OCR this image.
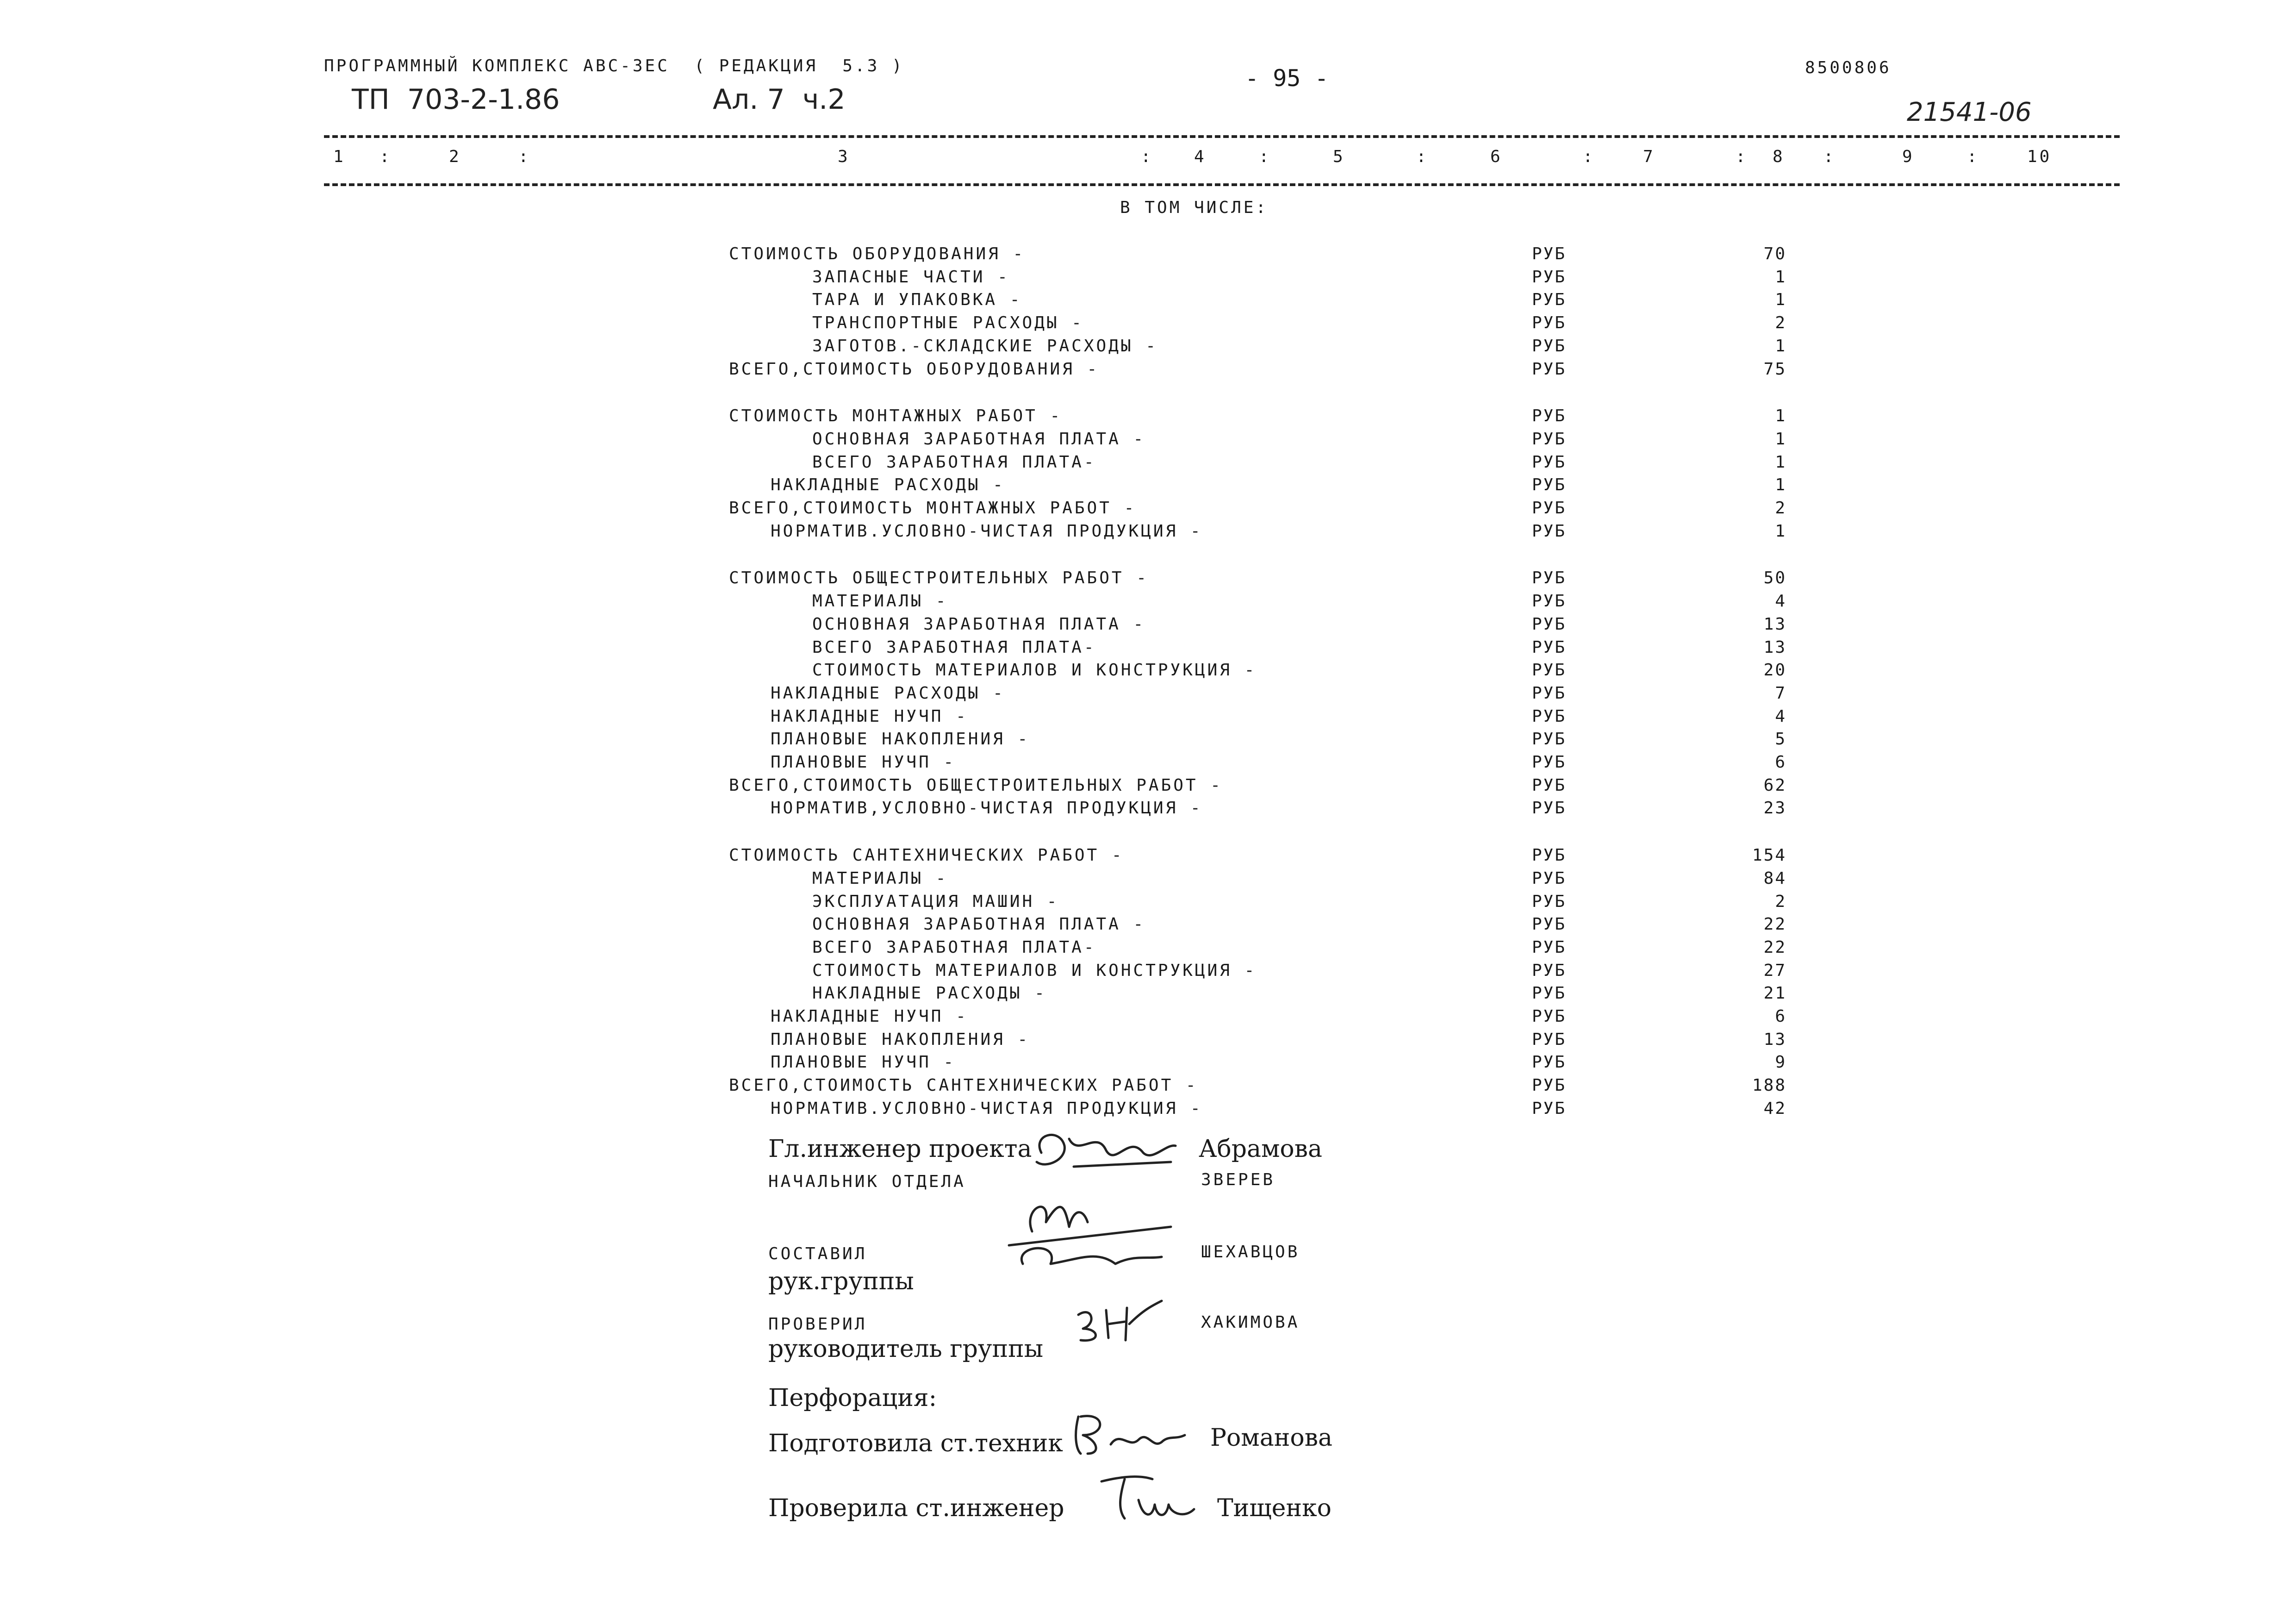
ПРОГРАММНЫЙ КОМПЛЕКС АВС-3ЕС  ( РЕДАКЦИЯ  5.3 )	- 95 -	8500806
ТП  703-2-1.86	Ал. 7  ч.2	21541-06
1 :	2	:	3	: 4	:	5	:	6	:	7	: 8 :	9	:	10
В ТОМ ЧИСЛЕ:
СТОИМОСТЬ ОБОРУДОВАНИЯ -	РУБ	70
ЗАПАСНЫЕ ЧАСТИ -	РУБ	1
ТАРА И УПАКОВКА -	РУБ	1
ТРАНСПОРТНЫЕ РАСХОДЫ -	РУБ	2
ЗАГОТОВ.-СКЛАДСКИЕ РАСХОДЫ -	РУБ	1
ВСЕГО,СТОИМОСТЬ ОБОРУДОВАНИЯ -	РУБ	75
СТОИМОСТЬ МОНТАЖНЫХ РАБОТ -	РУБ	1
ОСНОВНАЯ ЗАРАБОТНАЯ ПЛАТА -	РУБ	1
ВСЕГО ЗАРАБОТНАЯ ПЛАТА-	РУБ	1
НАКЛАДНЫЕ РАСХОДЫ -	РУБ	1
ВСЕГО,СТОИМОСТЬ МОНТАЖНЫХ РАБОТ -	РУБ	2
НОРМАТИВ.УСЛОВНО-ЧИСТАЯ ПРОДУКЦИЯ -	РУБ	1
СТОИМОСТЬ ОБЩЕСТРОИТЕЛЬНЫХ РАБОТ -	РУБ	50
МАТЕРИАЛЫ -	РУБ	4
ОСНОВНАЯ ЗАРАБОТНАЯ ПЛАТА -	РУБ	13
ВСЕГО ЗАРАБОТНАЯ ПЛАТА-	РУБ	13
СТОИМОСТЬ МАТЕРИАЛОВ И КОНСТРУКЦИЯ -	РУБ	20
НАКЛАДНЫЕ РАСХОДЫ -	РУБ	7
НАКЛАДНЫЕ НУЧП -	РУБ	4
ПЛАНОВЫЕ НАКОПЛЕНИЯ -	РУБ	5
ПЛАНОВЫЕ НУЧП -	РУБ	6
ВСЕГО,СТОИМОСТЬ ОБЩЕСТРОИТЕЛЬНЫХ РАБОТ -	РУБ	62
НОРМАТИВ,УСЛОВНО-ЧИСТАЯ ПРОДУКЦИЯ -	РУБ	23
СТОИМОСТЬ САНТЕХНИЧЕСКИХ РАБОТ -	РУБ	154
МАТЕРИАЛЫ -	РУБ	84
ЭКСПЛУАТАЦИЯ МАШИН -	РУБ	2
ОСНОВНАЯ ЗАРАБОТНАЯ ПЛАТА -	РУБ	22
ВСЕГО ЗАРАБОТНАЯ ПЛАТА-	РУБ	22
СТОИМОСТЬ МАТЕРИАЛОВ И КОНСТРУКЦИЯ -	РУБ	27
НАКЛАДНЫЕ РАСХОДЫ -	РУБ	21
НАКЛАДНЫЕ НУЧП -	РУБ	6
ПЛАНОВЫЕ НАКОПЛЕНИЯ -	РУБ	13
ПЛАНОВЫЕ НУЧП -	РУБ	9
ВСЕГО,СТОИМОСТЬ САНТЕХНИЧЕСКИХ РАБОТ -	РУБ	188
НОРМАТИВ.УСЛОВНО-ЧИСТАЯ ПРОДУКЦИЯ -	РУБ	42
Гл.инженер проекта	Абрамова
НАЧАЛЬНИК ОТДЕЛА	ЗВЕРЕВ
СОСТАВИЛ	ШЕХАВЦОВ
рук.группы
ПРОВЕРИЛ	ХАКИМОВА
руководитель группы
Перфорация:
Подготовила ст.техник	Романова
Проверила ст.инженер	Тищенко
